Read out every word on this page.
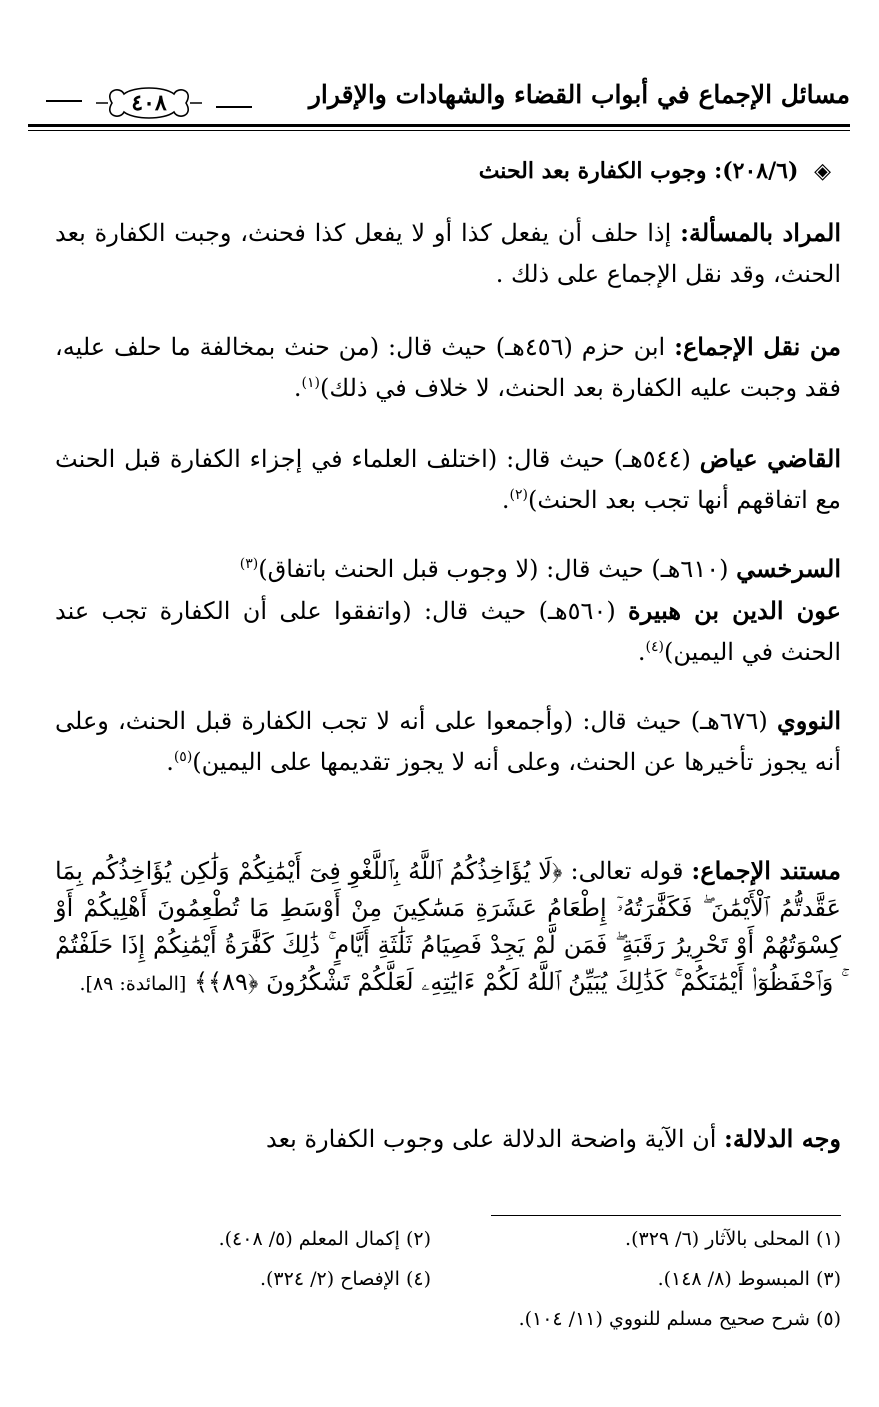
مسائل الإجماع في أبواب القضاء والشهادات والإقرار
٤٠٨
◈ (٢٠٨/٦): وجوب الكفارة بعد الحنث

المراد بالمسألة: إذا حلف أن يفعل كذا أو لا يفعل كذا فحنث، وجبت الكفارة بعد الحنث، وقد نقل الإجماع على ذلك .

من نقل الإجماع: ابن حزم (٤٥٦هـ) حيث قال: (من حنث بمخالفة ما حلف عليه، فقد وجبت عليه الكفارة بعد الحنث، لا خلاف في ذلك)$^{(١)}$.

القاضي عياض (٥٤٤هـ) حيث قال: (اختلف العلماء في إجزاء الكفارة قبل الحنث مع اتفاقهم أنها تجب بعد الحنث)$^{(٢)}$.

السرخسي (٦١٠هـ) حيث قال: (لا وجوب قبل الحنث باتفاق)$^{(٣)}$

عون الدين بن هبيرة (٥٦٠هـ) حيث قال: (واتفقوا على أن الكفارة تجب عند الحنث في اليمين)$^{(٤)}$.

النووي (٦٧٦هـ) حيث قال: (وأجمعوا على أنه لا تجب الكفارة قبل الحنث، وعلى أنه يجوز تأخيرها عن الحنث، وعلى أنه لا يجوز تقديمها على اليمين)$^{(٥)}$.

مستند الإجماع: قوله تعالى: ﴿لَا يُؤَاخِذُكُمُ ٱللَّهُ بِٱللَّغْوِ فِىٓ أَيْمَٰنِكُمْ وَلَٰكِن يُؤَاخِذُكُم بِمَا عَقَّدتُّمُ ٱلْأَيْمَٰنَ ۖ فَكَفَّٰرَتُهُۥٓ إِطْعَامُ عَشَرَةِ مَسَٰكِينَ مِنْ أَوْسَطِ مَا تُطْعِمُونَ أَهْلِيكُمْ أَوْ كِسْوَتُهُمْ أَوْ تَحْرِيرُ رَقَبَةٍ ۖ فَمَن لَّمْ يَجِدْ فَصِيَامُ ثَلَٰثَةِ أَيَّامٍ ۚ ذَٰلِكَ كَفَّٰرَةُ أَيْمَٰنِكُمْ إِذَا حَلَفْتُمْ ۚ وَٱحْفَظُوٓا۟ أَيْمَٰنَكُمْ ۚ كَذَٰلِكَ يُبَيِّنُ ٱللَّهُ لَكُمْ ءَايَٰتِهِۦ لَعَلَّكُمْ تَشْكُرُونَ ﴿٨٩﴾﴾ [المائدة: ٨٩].

وجه الدلالة: أن الآية واضحة الدلالة على وجوب الكفارة بعد

(١) المحلى بالآثار (٦/ ٣٢٩).
(٢) إكمال المعلم (٥/ ٤٠٨).
(٣) المبسوط (٨/ ١٤٨).
(٤) الإفصاح (٢/ ٣٢٤).
(٥) شرح صحيح مسلم للنووي (١١/ ١٠٤).
